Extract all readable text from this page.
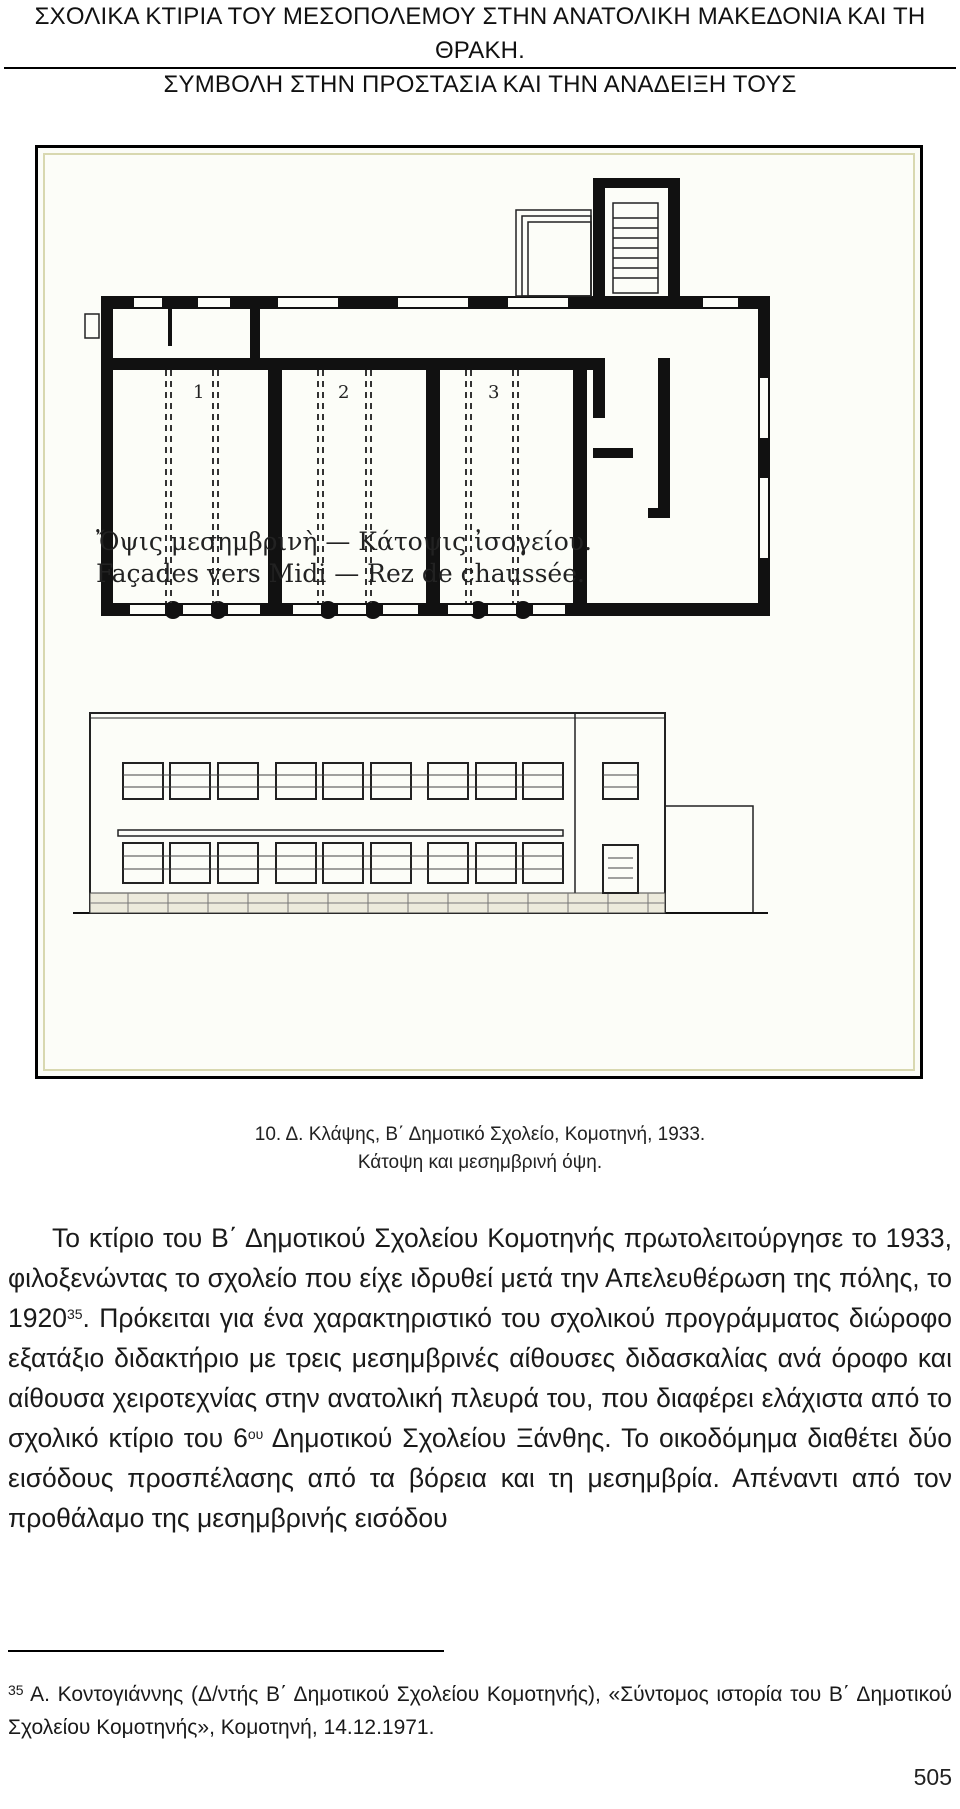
ΣΧΟΛΙΚΑ ΚΤΙΡΙΑ ΤΟΥ ΜΕΣΟΠΟΛΕΜΟΥ ΣΤΗΝ ΑΝΑΤΟΛΙΚΗ ΜΑΚΕΔΟΝΙΑ ΚΑΙ ΤΗ ΘΡΑΚΗ.
ΣΥΜΒΟΛΗ ΣΤΗΝ ΠΡΟΣΤΑΣΙΑ ΚΑΙ ΤΗΝ ΑΝΑΔΕΙΞΗ ΤΟΥΣ
1	2	3
Ὄψις μεσημβρινὴ — Κάτοψις ἰσογείου.
Façades vers Midi — Rez de chaussée.
10. Δ. Κλάψης, Β΄ Δημοτικό Σχολείο, Κομοτηνή, 1933.
Κάτοψη και μεσημβρινή όψη.

Το κτίριο του Β΄ Δημοτικού Σχολείου Κομοτηνής πρωτολειτούργησε το 1933, φιλοξενώντας το σχολείο που είχε ιδρυθεί μετά την Απελευθέρωση της πόλης, το 1920$^{35}$. Πρόκειται για ένα χαρακτηριστικό του σχολικού προγράμματος διώροφο εξατάξιο διδακτήριο με τρεις μεσημβρινές αίθουσες διδασκαλίας ανά όροφο και αίθουσα χειροτεχνίας στην ανατολική πλευρά του, που διαφέρει ελάχιστα από το σχολικό κτίριο του $6^{o\upsilon}$ Δημοτικού Σχολείου Ξάνθης. Το οικοδόμημα διαθέτει δύο εισόδους προσπέλασης από τα βόρεια και τη μεσημβρία. Απέναντι από τον προθάλαμο της μεσημβρινής εισόδου

$^{35}$ Α. Κοντογιάννης (Δ/ντής Β΄ Δημοτικού Σχολείου Κομοτηνής), «Σύντομος ιστορία του Β΄ Δημοτικού Σχολείου Κομοτηνής», Κομοτηνή, 14.12.1971.
505
